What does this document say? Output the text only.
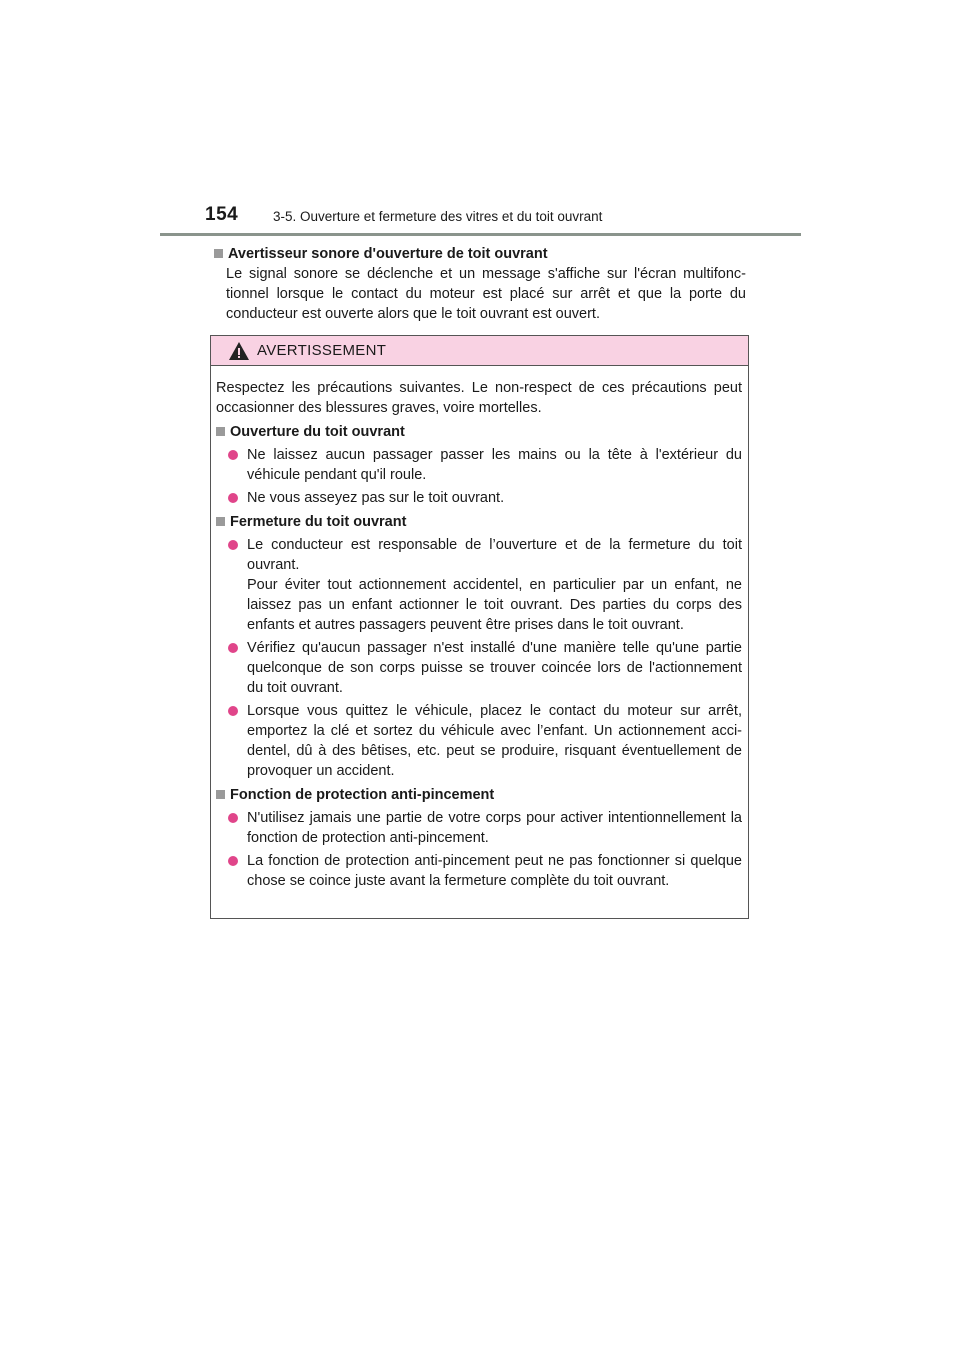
154	3-5. Ouverture et fermeture des vitres et du toit ouvrant
Avertisseur sonore d'ouverture de toit ouvrant
Le signal sonore se déclenche et un message s'affiche sur l'écran multifonc-tionnel lorsque le contact du moteur est placé sur arrêt et que la porte du conducteur est ouverte alors que le toit ouvrant est ouvert.
AVERTISSEMENT
Respectez les précautions suivantes. Le non-respect de ces précautions peut occasionner des blessures graves, voire mortelles.
Ouverture du toit ouvrant

Ne laissez aucun passager passer les mains ou la tête à l'extérieur du véhicule pendant qu'il roule.

Ne vous asseyez pas sur le toit ouvrant.

Fermeture du toit ouvrant

Le conducteur est responsable de l’ouverture et de la fermeture du toit ouvrant.

Pour éviter tout actionnement accidentel, en particulier par un enfant, ne laissez pas un enfant actionner le toit ouvrant. Des parties du corps des enfants et autres passagers peuvent être prises dans le toit ouvrant.

Vérifiez qu'aucun passager n'est installé d'une manière telle qu'une partie quelconque de son corps puisse se trouver coincée lors de l'actionnement du toit ouvrant.

Lorsque vous quittez le véhicule, placez le contact du moteur sur arrêt, emportez la clé et sortez du véhicule avec l’enfant. Un actionnement acci-dentel, dû à des bêtises, etc. peut se produire, risquant éventuellement de provoquer un accident.

Fonction de protection anti-pincement

N'utilisez jamais une partie de votre corps pour activer intentionnellement la fonction de protection anti-pincement.

La fonction de protection anti-pincement peut ne pas fonctionner si quelque chose se coince juste avant la fermeture complète du toit ouvrant.
